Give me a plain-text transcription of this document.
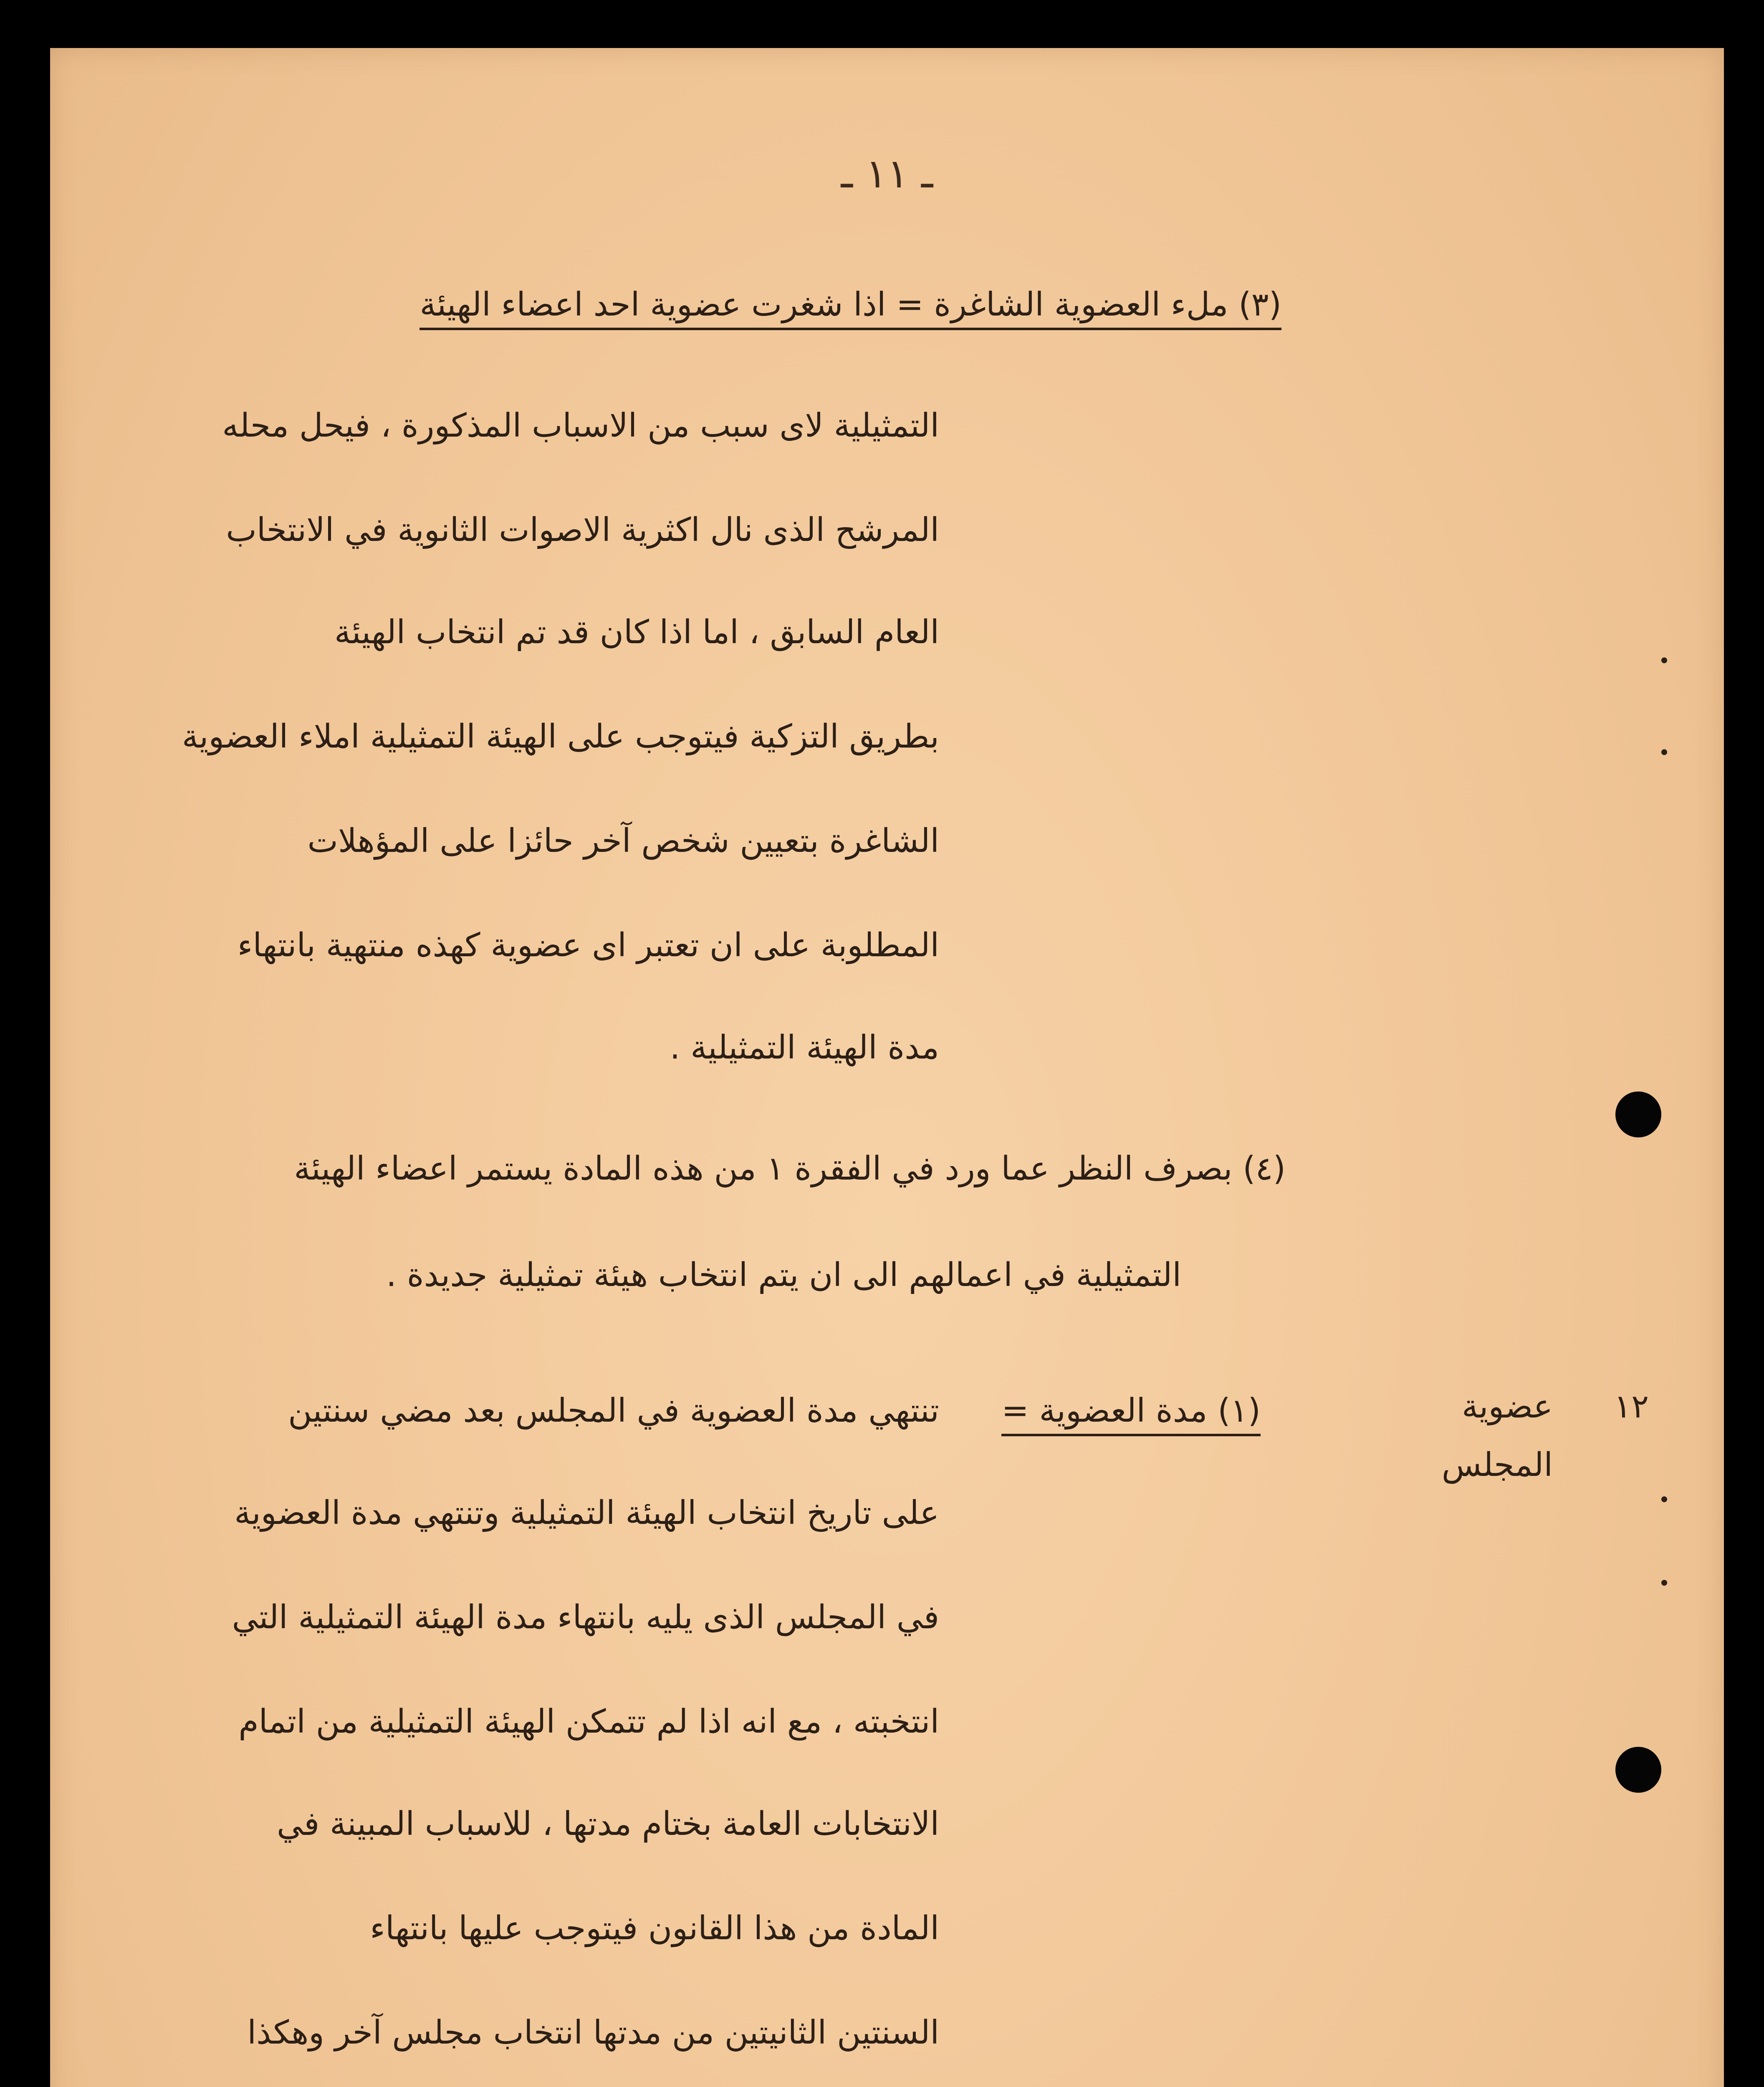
ـ ١١ ـ
(٣) ملء العضوية الشاغرة = اذا شغرت عضوية احد اعضاء الهيئة
التمثيلية لاى سبب من الاسباب المذكورة ، فيحل محله
المرشح الذى نال اكثرية الاصوات الثانوية في الانتخاب
العام السابق ، اما اذا كان قد تم انتخاب الهيئة
بطريق التزكية فيتوجب على الهيئة التمثيلية املاء العضوية
الشاغرة بتعيين شخص آخر حائزا على المؤهلات
المطلوبة على ان تعتبر اى عضوية كهذه منتهية بانتهاء
مدة الهيئة التمثيلية .
(٤) بصرف النظر عما ورد في الفقرة ١ من هذه المادة يستمر اعضاء الهيئة
التمثيلية في اعمالهم الى ان يتم انتخاب هيئة تمثيلية جديدة .
١٢
عضوية
المجلس
(١) مدة العضوية =
تنتهي مدة العضوية في المجلس بعد مضي سنتين
على تاريخ انتخاب الهيئة التمثيلية وتنتهي مدة العضوية
في المجلس الذى يليه بانتهاء مدة الهيئة التمثيلية التي
انتخبته ، مع انه اذا لم تتمكن الهيئة التمثيلية من اتمام
الانتخابات العامة بختام مدتها ، للاسباب المبينة في
المادة من هذا القانون فيتوجب عليها بانتهاء
السنتين الثانيتين من مدتها انتخاب مجلس آخر وهكذا
